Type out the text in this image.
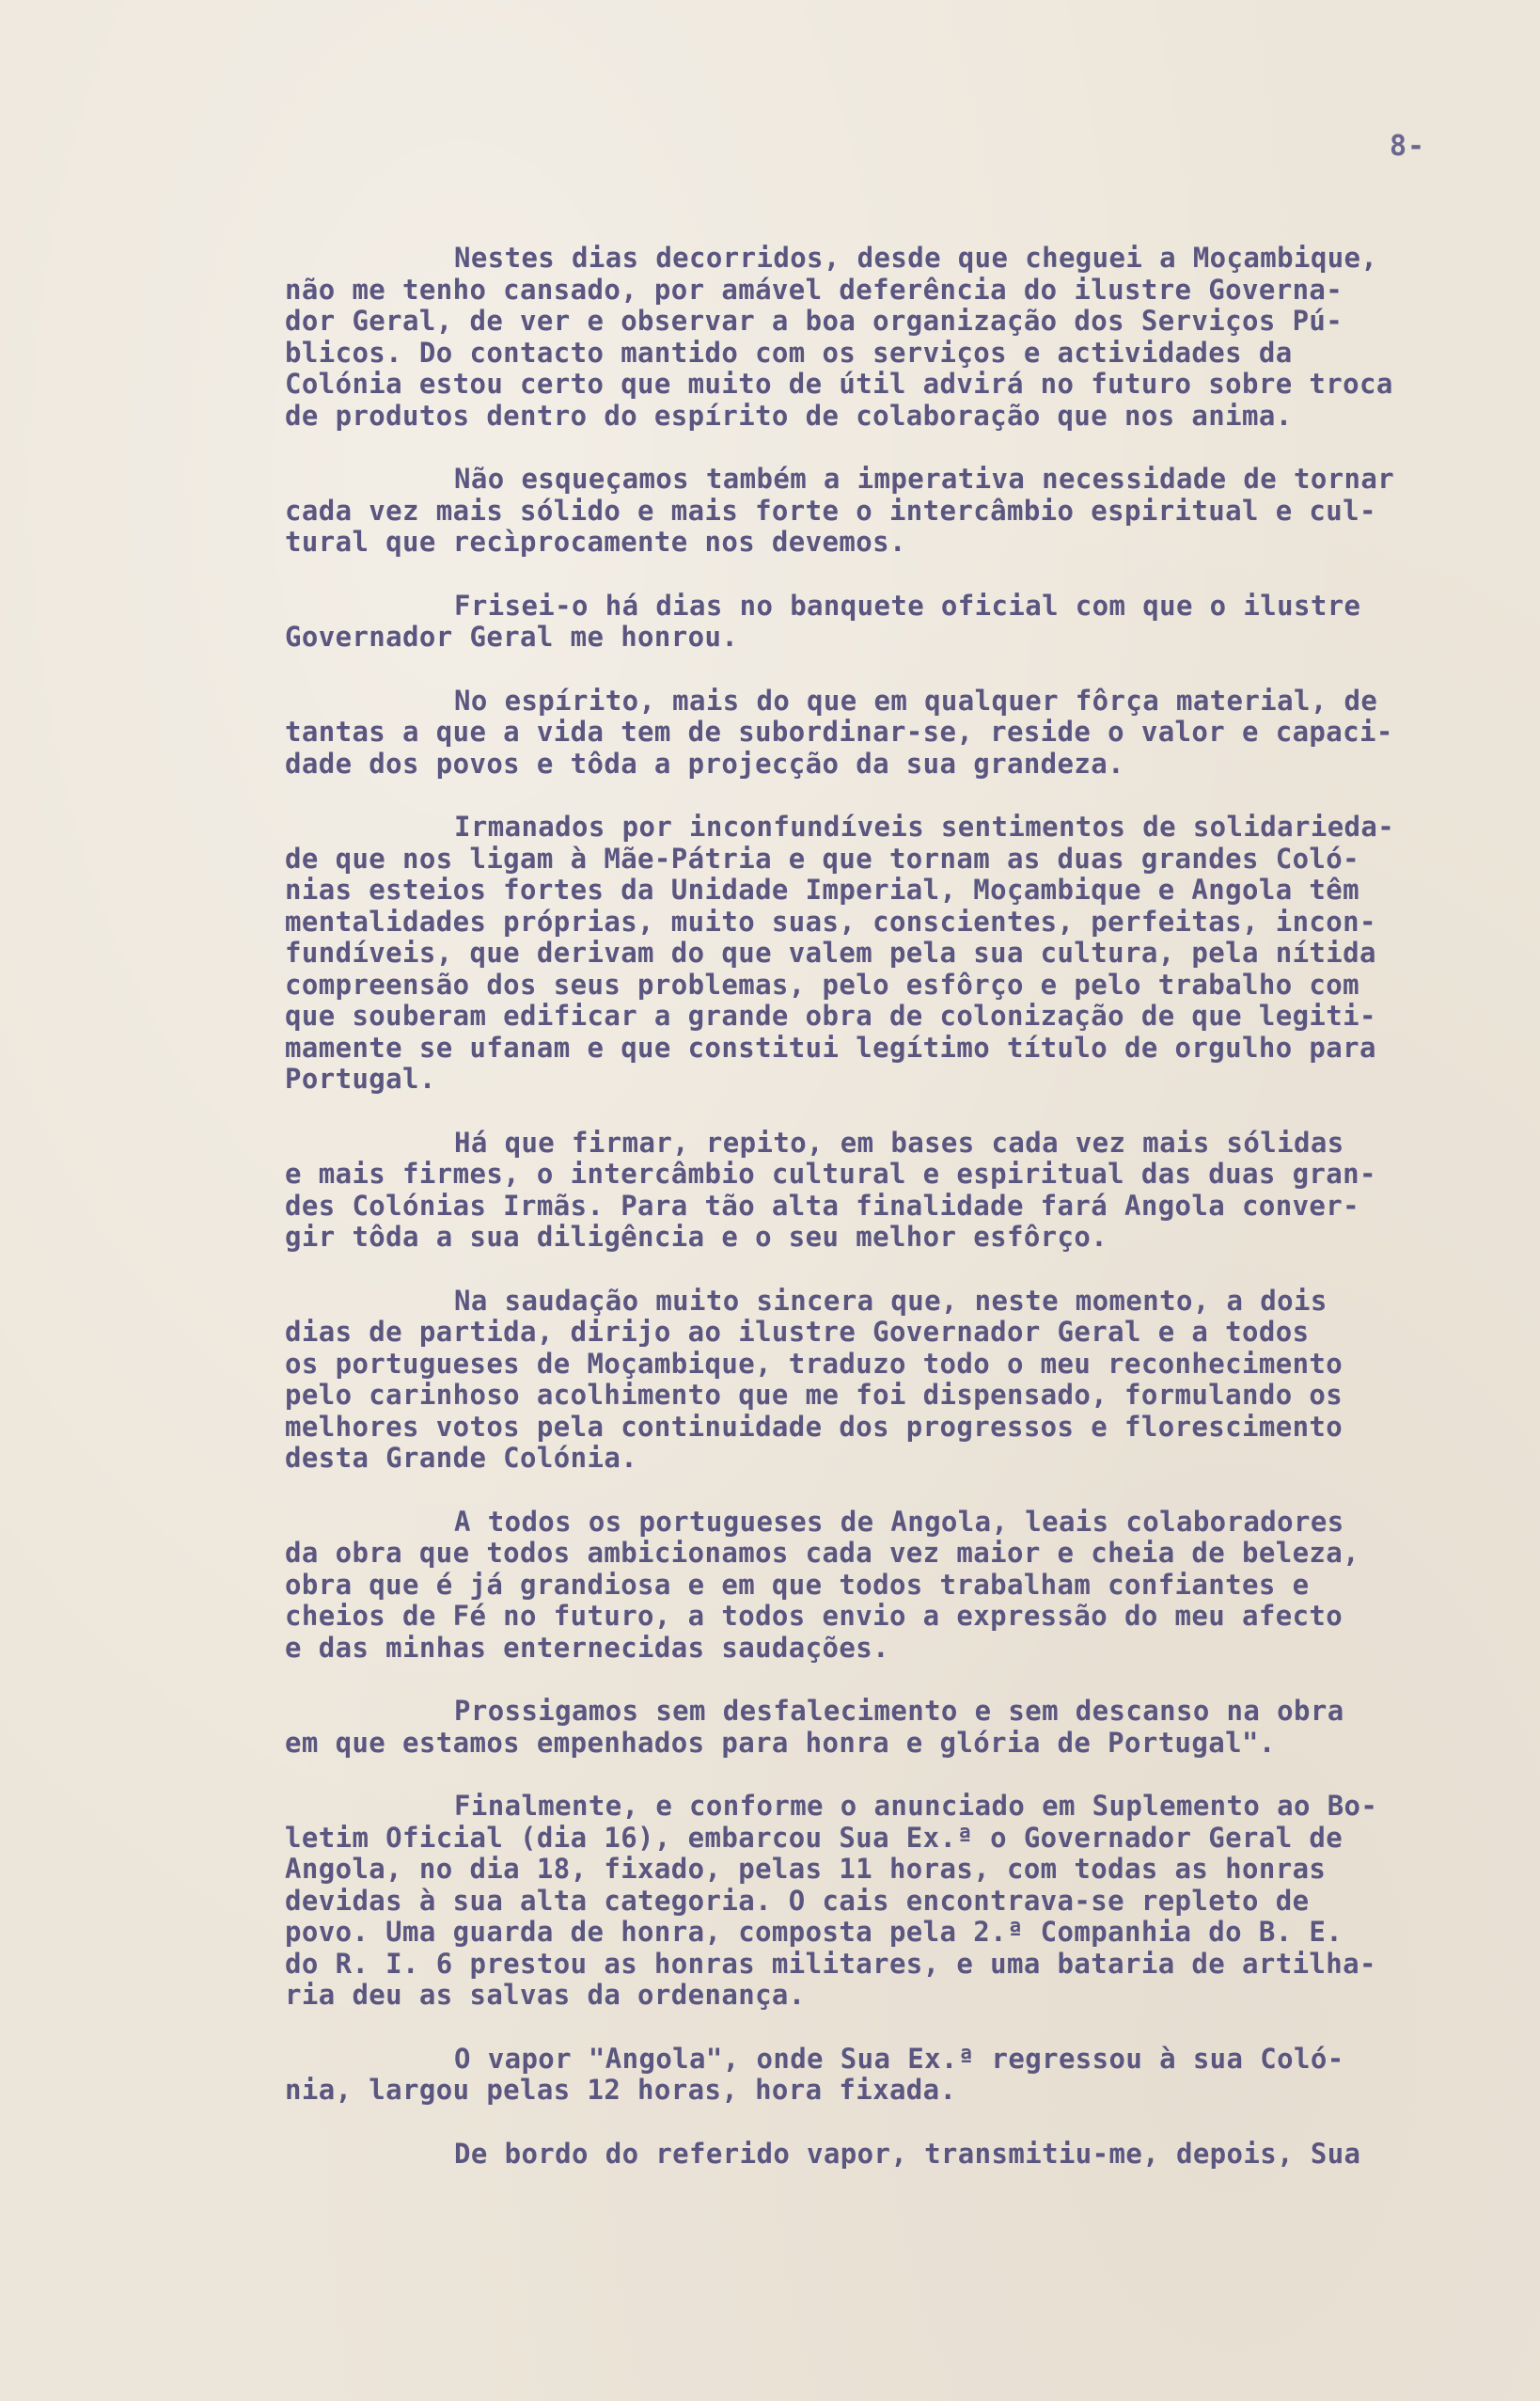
8-
Nestes dias decorridos, desde que cheguei a Moçambique,
não me tenho cansado, por amável deferência do ilustre Governa-
dor Geral, de ver e observar a boa organização dos Serviços Pú-
blicos. Do contacto mantido com os serviços e actividades da
Colónia estou certo que muito de útil advirá no futuro sobre troca
de produtos dentro do espírito de colaboração que nos anima.
Não esqueçamos também a imperativa necessidade de tornar
cada vez mais sólido e mais forte o intercâmbio espiritual e cul-
tural que recìprocamente nos devemos.
Frisei-o há dias no banquete oficial com que o ilustre
Governador Geral me honrou.
No espírito, mais do que em qualquer fôrça material, de
tantas a que a vida tem de subordinar-se, reside o valor e capaci-
dade dos povos e tôda a projecção da sua grandeza.
Irmanados por inconfundíveis sentimentos de solidarieda-
de que nos ligam à Mãe-Pátria e que tornam as duas grandes Coló-
nias esteios fortes da Unidade Imperial, Moçambique e Angola têm
mentalidades próprias, muito suas, conscientes, perfeitas, incon-
fundíveis, que derivam do que valem pela sua cultura, pela nítida
compreensão dos seus problemas, pelo esfôrço e pelo trabalho com
que souberam edificar a grande obra de colonização de que legiti-
mamente se ufanam e que constitui legítimo título de orgulho para
Portugal.
Há que firmar, repito, em bases cada vez mais sólidas
e mais firmes, o intercâmbio cultural e espiritual das duas gran-
des Colónias Irmãs. Para tão alta finalidade fará Angola conver-
gir tôda a sua diligência e o seu melhor esfôrço.
Na saudação muito sincera que, neste momento, a dois
dias de partida, dirijo ao ilustre Governador Geral e a todos
os portugueses de Moçambique, traduzo todo o meu reconhecimento
pelo carinhoso acolhimento que me foi dispensado, formulando os
melhores votos pela continuidade dos progressos e florescimento
desta Grande Colónia.
A todos os portugueses de Angola, leais colaboradores
da obra que todos ambicionamos cada vez maior e cheia de beleza,
obra que é já grandiosa e em que todos trabalham confiantes e
cheios de Fé no futuro, a todos envio a expressão do meu afecto
e das minhas enternecidas saudações.
Prossigamos sem desfalecimento e sem descanso na obra
em que estamos empenhados para honra e glória de Portugal".
Finalmente, e conforme o anunciado em Suplemento ao Bo-
letim Oficial (dia 16), embarcou Sua Ex.ª o Governador Geral de
Angola, no dia 18, fixado, pelas 11 horas, com todas as honras
devidas à sua alta categoria. O cais encontrava-se repleto de
povo. Uma guarda de honra, composta pela 2.ª Companhia do B. E.
do R. I. 6 prestou as honras militares, e uma bataria de artilha-
ria deu as salvas da ordenança.
O vapor "Angola", onde Sua Ex.ª regressou à sua Coló-
nia, largou pelas 12 horas, hora fixada.
De bordo do referido vapor, transmitiu-me, depois, Sua
